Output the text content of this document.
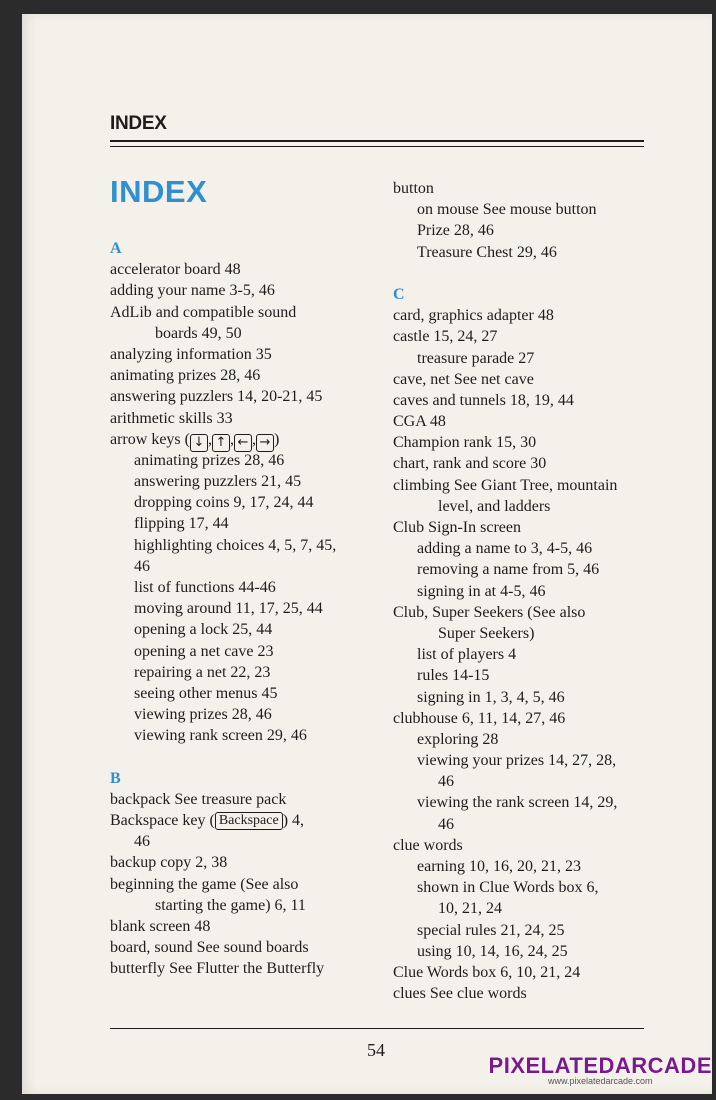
INDEX
INDEX
A
accelerator board 48
adding your name 3-5, 46
AdLib and compatible sound
boards 49, 50
analyzing information 35
animating prizes 28, 46
answering puzzlers 14, 20-21, 45
arithmetic skills 33
arrow keys ( ↓ , ↑ , ← , → )
animating prizes 28, 46
answering puzzlers 21, 45
dropping coins 9, 17, 24, 44
flipping 17, 44
highlighting choices 4, 5, 7, 45,
46
list of functions 44-46
moving around 11, 17, 25, 44
opening a lock 25, 44
opening a net cave 23
repairing a net 22, 23
seeing other menus 45
viewing prizes 28, 46
viewing rank screen 29, 46
B
backpack See treasure pack
Backspace key ( Backspace ) 4,
46
backup copy 2, 38
beginning the game (See also
starting the game) 6, 11
blank screen 48
board, sound See sound boards
butterfly See Flutter the Butterfly
button
on mouse See mouse button
Prize 28, 46
Treasure Chest 29, 46
C
card, graphics adapter 48
castle 15, 24, 27
treasure parade 27
cave, net See net cave
caves and tunnels 18, 19, 44
CGA 48
Champion rank 15, 30
chart, rank and score 30
climbing See Giant Tree, mountain
level, and ladders
Club Sign-In screen
adding a name to 3, 4-5, 46
removing a name from 5, 46
signing in at 4-5, 46
Club, Super Seekers (See also
Super Seekers)
list of players 4
rules 14-15
signing in 1, 3, 4, 5, 46
clubhouse 6, 11, 14, 27, 46
exploring 28
viewing your prizes 14, 27, 28,
46
viewing the rank screen 14, 29,
46
clue words
earning 10, 16, 20, 21, 23
shown in Clue Words box 6,
10, 21, 24
special rules 21, 24, 25
using 10, 14, 16, 24, 25
Clue Words box 6, 10, 21, 24
clues See clue words
54
PIXELATEDARCADE
www.pixelatedarcade.com
